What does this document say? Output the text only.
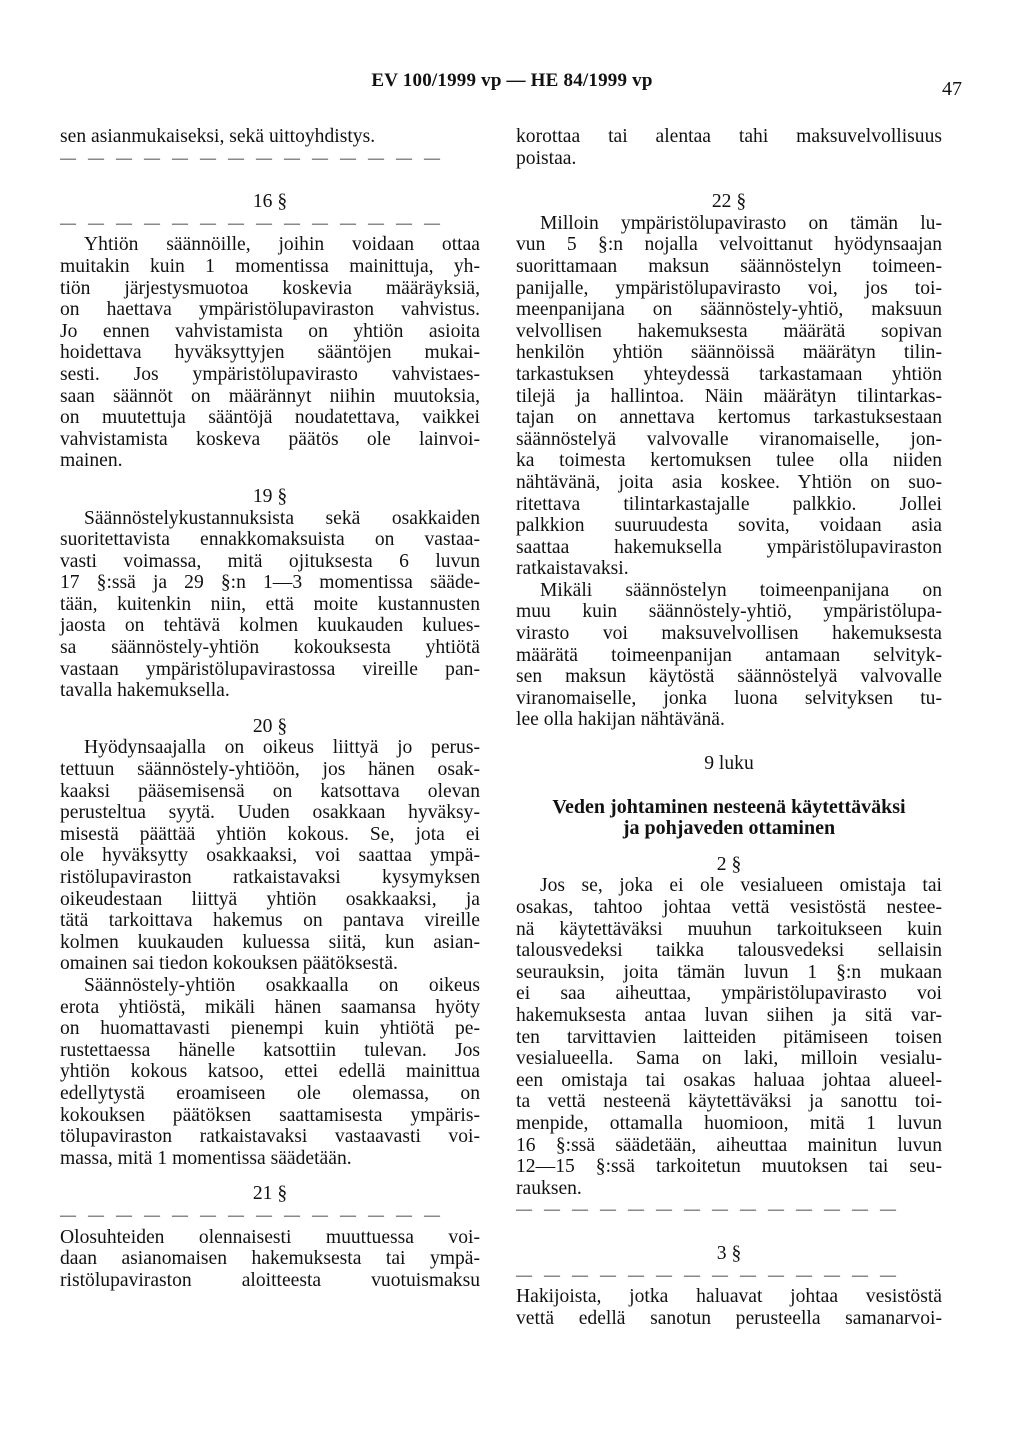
EV 100/1999 vp — HE 84/1999 vp	47
sen asianmukaiseksi, sekä uittoyhdistys.
— — — — — — — — — — — — — —
16 §
— — — — — — — — — — — — — —
Yhtiön säännöille, joihin voidaan ottaa
muitakin kuin 1 momentissa mainittuja, yh-
tiön järjestysmuotoa koskevia määräyksiä,
on haettava ympäristölupaviraston vahvistus.
Jo ennen vahvistamista on yhtiön asioita
hoidettava hyväksyttyjen sääntöjen mukai-
sesti. Jos ympäristölupavirasto vahvistaes-
saan säännöt on määrännyt niihin muutoksia,
on muutettuja sääntöjä noudatettava, vaikkei
vahvistamista koskeva päätös ole lainvoi-
mainen.
19 §
Säännöstelykustannuksista sekä osakkaiden
suoritettavista ennakkomaksuista on vastaa-
vasti voimassa, mitä ojituksesta 6 luvun
17 §:ssä ja 29 §:n 1—3 momentissa sääde-
tään, kuitenkin niin, että moite kustannusten
jaosta on tehtävä kolmen kuukauden kulues-
sa säännöstely-yhtiön kokouksesta yhtiötä
vastaan ympäristölupavirastossa vireille pan-
tavalla hakemuksella.
20 §
Hyödynsaajalla on oikeus liittyä jo perus-
tettuun säännöstely-yhtiöön, jos hänen osak-
kaaksi pääsemisensä on katsottava olevan
perusteltua syytä. Uuden osakkaan hyväksy-
misestä päättää yhtiön kokous. Se, jota ei
ole hyväksytty osakkaaksi, voi saattaa ympä-
ristölupaviraston ratkaistavaksi kysymyksen
oikeudestaan liittyä yhtiön osakkaaksi, ja
tätä tarkoittava hakemus on pantava vireille
kolmen kuukauden kuluessa siitä, kun asian-
omainen sai tiedon kokouksen päätöksestä.
Säännöstely-yhtiön osakkaalla on oikeus
erota yhtiöstä, mikäli hänen saamansa hyöty
on huomattavasti pienempi kuin yhtiötä pe-
rustettaessa hänelle katsottiin tulevan. Jos
yhtiön kokous katsoo, ettei edellä mainittua
edellytystä eroamiseen ole olemassa, on
kokouksen päätöksen saattamisesta ympäris-
tölupaviraston ratkaistavaksi vastaavasti voi-
massa, mitä 1 momentissa säädetään.
21 §
— — — — — — — — — — — — — —
Olosuhteiden olennaisesti muuttuessa voi-
daan asianomaisen hakemuksesta tai ympä-
ristölupaviraston aloitteesta vuotuismaksu
korottaa tai alentaa tahi maksuvelvollisuus
poistaa.
22 §
Milloin ympäristölupavirasto on tämän lu-
vun 5 §:n nojalla velvoittanut hyödynsaajan
suorittamaan maksun säännöstelyn toimeen-
panijalle, ympäristölupavirasto voi, jos toi-
meenpanijana on säännöstely-yhtiö, maksuun
velvollisen hakemuksesta määrätä sopivan
henkilön yhtiön säännöissä määrätyn tilin-
tarkastuksen yhteydessä tarkastamaan yhtiön
tilejä ja hallintoa. Näin määrätyn tilintarkas-
tajan on annettava kertomus tarkastuksestaan
säännöstelyä valvovalle viranomaiselle, jon-
ka toimesta kertomuksen tulee olla niiden
nähtävänä, joita asia koskee. Yhtiön on suo-
ritettava tilintarkastajalle palkkio. Jollei
palkkion suuruudesta sovita, voidaan asia
saattaa hakemuksella ympäristölupaviraston
ratkaistavaksi.
Mikäli säännöstelyn toimeenpanijana on
muu kuin säännöstely-yhtiö, ympäristölupa-
virasto voi maksuvelvollisen hakemuksesta
määrätä toimeenpanijan antamaan selvityk-
sen maksun käytöstä säännöstelyä valvovalle
viranomaiselle, jonka luona selvityksen tu-
lee olla hakijan nähtävänä.
9 luku
Veden johtaminen nesteenä käytettäväksi
ja pohjaveden ottaminen
2 §
Jos se, joka ei ole vesialueen omistaja tai
osakas, tahtoo johtaa vettä vesistöstä nestee-
nä käytettäväksi muuhun tarkoitukseen kuin
talousvedeksi taikka talousvedeksi sellaisin
seurauksin, joita tämän luvun 1 §:n mukaan
ei saa aiheuttaa, ympäristölupavirasto voi
hakemuksesta antaa luvan siihen ja sitä var-
ten tarvittavien laitteiden pitämiseen toisen
vesialueella. Sama on laki, milloin vesialu-
een omistaja tai osakas haluaa johtaa alueel-
ta vettä nesteenä käytettäväksi ja sanottu toi-
menpide, ottamalla huomioon, mitä 1 luvun
16 §:ssä säädetään, aiheuttaa mainitun luvun
12—15 §:ssä tarkoitetun muutoksen tai seu-
rauksen.
— — — — — — — — — — — — — —
3 §
— — — — — — — — — — — — — —
Hakijoista, jotka haluavat johtaa vesistöstä
vettä edellä sanotun perusteella samanarvoi-
